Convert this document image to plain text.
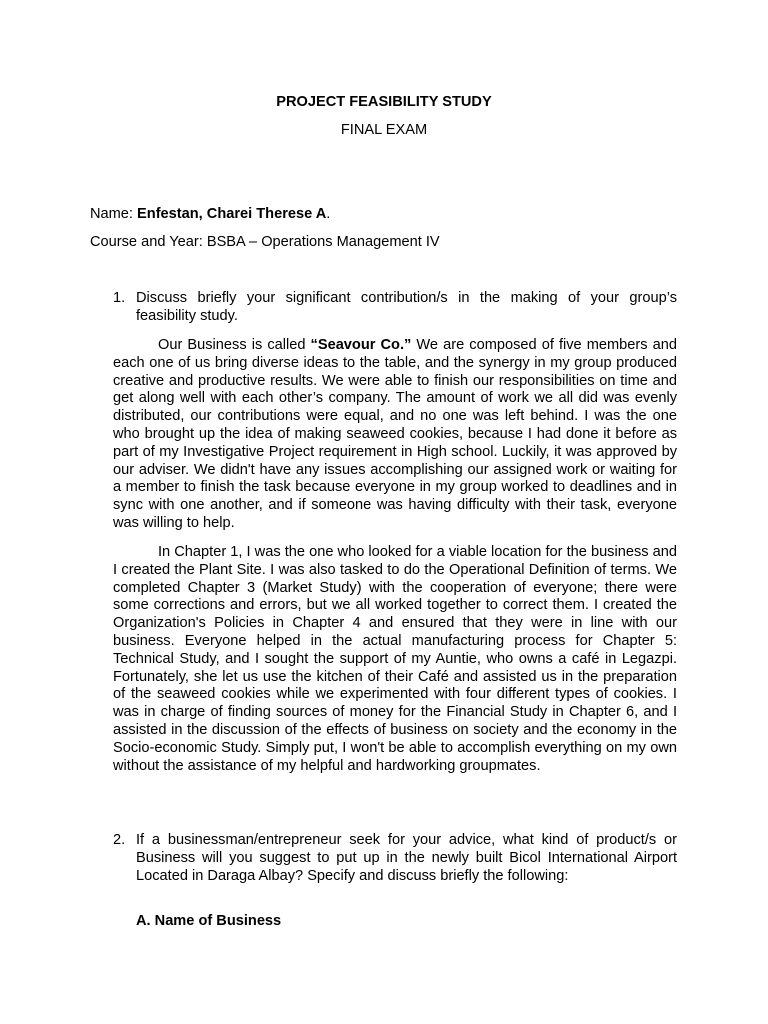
PROJECT FEASIBILITY STUDY

FINAL EXAM

Name: Enfestan, Charei Therese A.

Course and Year: BSBA – Operations Management IV

1. Discuss briefly your significant contribution/s in the making of your group’s feasibility study.

Our Business is called “Seavour Co.” We are composed of five members and each one of us bring diverse ideas to the table, and the synergy in my group produced creative and productive results. We were able to finish our responsibilities on time and get along well with each other’s company. The amount of work we all did was evenly distributed, our contributions were equal, and no one was left behind. I was the one who brought up the idea of making seaweed cookies, because I had done it before as part of my Investigative Project requirement in High school. Luckily, it was approved by our adviser. We didn't have any issues accomplishing our assigned work or waiting for a member to finish the task because everyone in my group worked to deadlines and in sync with one another, and if someone was having difficulty with their task, everyone was willing to help.

In Chapter 1, I was the one who looked for a viable location for the business and I created the Plant Site. I was also tasked to do the Operational Definition of terms. We completed Chapter 3 (Market Study) with the cooperation of everyone; there were some corrections and errors, but we all worked together to correct them. I created the Organization's Policies in Chapter 4 and ensured that they were in line with our business. Everyone helped in the actual manufacturing process for Chapter 5: Technical Study, and I sought the support of my Auntie, who owns a café in Legazpi. Fortunately, she let us use the kitchen of their Café and assisted us in the preparation of the seaweed cookies while we experimented with four different types of cookies. I was in charge of finding sources of money for the Financial Study in Chapter 6, and I assisted in the discussion of the effects of business on society and the economy in the Socio-economic Study. Simply put, I won't be able to accomplish everything on my own without the assistance of my helpful and hardworking groupmates.

2. If a businessman/entrepreneur seek for your advice, what kind of product/s or Business will you suggest to put up in the newly built Bicol International Airport Located in Daraga Albay? Specify and discuss briefly the following:

A. Name of Business
